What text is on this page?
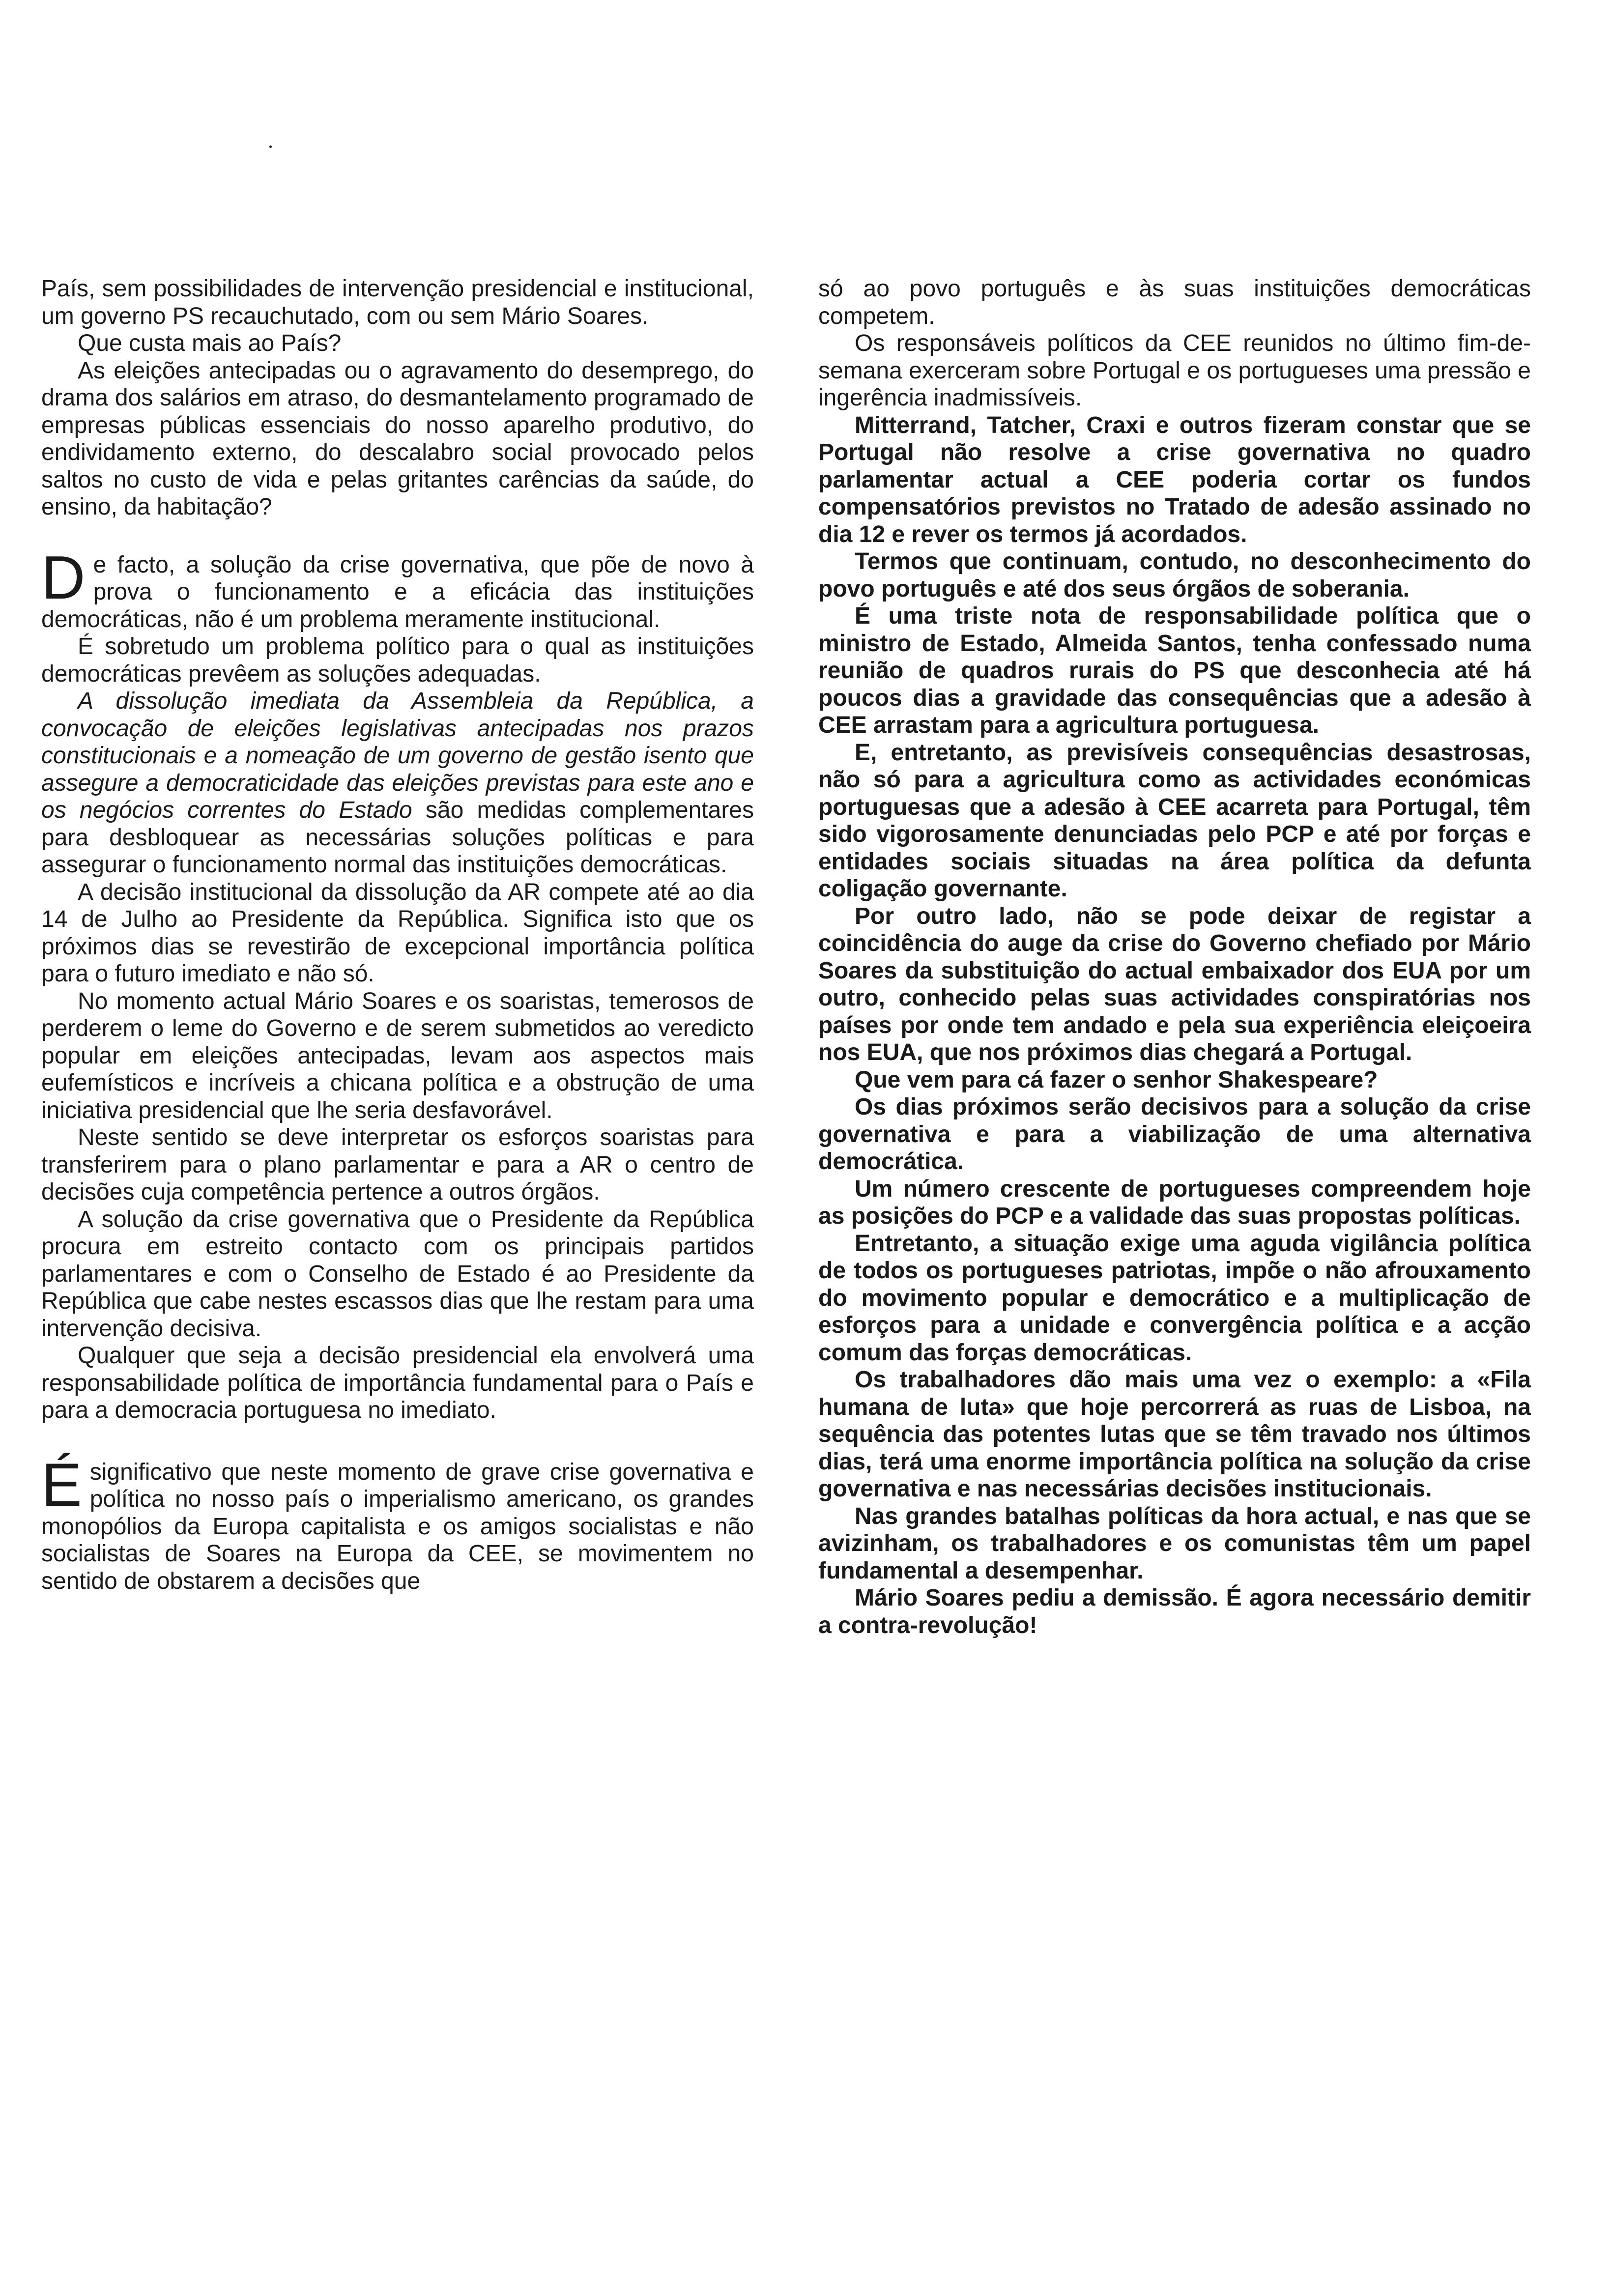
País, sem possibilidades de intervenção presidencial e institucional, um governo PS recauchutado, com ou sem Mário Soares.

Que custa mais ao País?

As eleições antecipadas ou o agravamento do desemprego, do drama dos salários em atraso, do desmantelamento programado de empresas públicas essenciais do nosso aparelho produtivo, do endividamento externo, do descalabro social provocado pelos saltos no custo de vida e pelas gritantes carências da saúde, do ensino, da habitação?

De facto, a solução da crise governativa, que põe de novo à prova o funcionamento e a eficácia das instituições democráticas, não é um problema meramente institucional.

É sobretudo um problema político para o qual as instituições democráticas prevêem as soluções adequadas.

A dissolução imediata da Assembleia da República, a convocação de eleições legislativas antecipadas nos prazos constitucionais e a nomeação de um governo de gestão isento que assegure a democraticidade das eleições previstas para este ano e os negócios correntes do Estado são medidas complementares para desbloquear as necessárias soluções políticas e para assegurar o funcionamento normal das instituições democráticas.

A decisão institucional da dissolução da AR compete até ao dia 14 de Julho ao Presidente da República. Significa isto que os próximos dias se revestirão de excepcional importância política para o futuro imediato e não só.

No momento actual Mário Soares e os soaristas, temerosos de perderem o leme do Governo e de serem submetidos ao veredicto popular em eleições antecipadas, levam aos aspectos mais eufemísticos e incríveis a chicana política e a obstrução de uma iniciativa presidencial que lhe seria desfavorável.

Neste sentido se deve interpretar os esforços soaristas para transferirem para o plano parlamentar e para a AR o centro de decisões cuja competência pertence a outros órgãos.

A solução da crise governativa que o Presidente da República procura em estreito contacto com os principais partidos parlamentares e com o Conselho de Estado é ao Presidente da República que cabe nestes escassos dias que lhe restam para uma intervenção decisiva.

Qualquer que seja a decisão presidencial ela envolverá uma responsabilidade política de importância fundamental para o País e para a democracia portuguesa no imediato.

Ésignificativo que neste momento de grave crise governativa e política no nosso país o imperialismo americano, os grandes monopólios da Europa capitalista e os amigos socialistas e não socialistas de Soares na Europa da CEE, se movimentem no sentido de obstarem a decisões que

só ao povo português e às suas instituições democráticas competem.

Os responsáveis políticos da CEE reunidos no último fim-de-semana exerceram sobre Portugal e os portugueses uma pressão e ingerência inadmissíveis.

Mitterrand, Tatcher, Craxi e outros fizeram constar que se Portugal não resolve a crise governativa no quadro parlamentar actual a CEE poderia cortar os fundos compensatórios previstos no Tratado de adesão assinado no dia 12 e rever os termos já acordados.

Termos que continuam, contudo, no desconhecimento do povo português e até dos seus órgãos de soberania.

É uma triste nota de responsabilidade política que o ministro de Estado, Almeida Santos, tenha confessado numa reunião de quadros rurais do PS que desconhecia até há poucos dias a gravidade das consequências que a adesão à CEE arrastam para a agricultura portuguesa.

E, entretanto, as previsíveis consequências desastrosas, não só para a agricultura como as actividades económicas portuguesas que a adesão à CEE acarreta para Portugal, têm sido vigorosamente denunciadas pelo PCP e até por forças e entidades sociais situadas na área política da defunta coligação governante.

Por outro lado, não se pode deixar de registar a coincidência do auge da crise do Governo chefiado por Mário Soares da substituição do actual embaixador dos EUA por um outro, conhecido pelas suas actividades conspiratórias nos países por onde tem andado e pela sua experiência eleiçoeira nos EUA, que nos próximos dias chegará a Portugal.

Que vem para cá fazer o senhor Shakespeare?

Os dias próximos serão decisivos para a solução da crise governativa e para a viabilização de uma alternativa democrática.

Um número crescente de portugueses compreendem hoje as posições do PCP e a validade das suas propostas políticas.

Entretanto, a situação exige uma aguda vigilância política de todos os portugueses patriotas, impõe o não afrouxamento do movimento popular e democrático e a multiplicação de esforços para a unidade e convergência política e a acção comum das forças democráticas.

Os trabalhadores dão mais uma vez o exemplo: a «Fila humana de luta» que hoje percorrerá as ruas de Lisboa, na sequência das potentes lutas que se têm travado nos últimos dias, terá uma enorme importância política na solução da crise governativa e nas necessárias decisões institucionais.

Nas grandes batalhas políticas da hora actual, e nas que se avizinham, os trabalhadores e os comunistas têm um papel fundamental a desempenhar.

Mário Soares pediu a demissão. É agora necessário demitir a contra-revolução!
